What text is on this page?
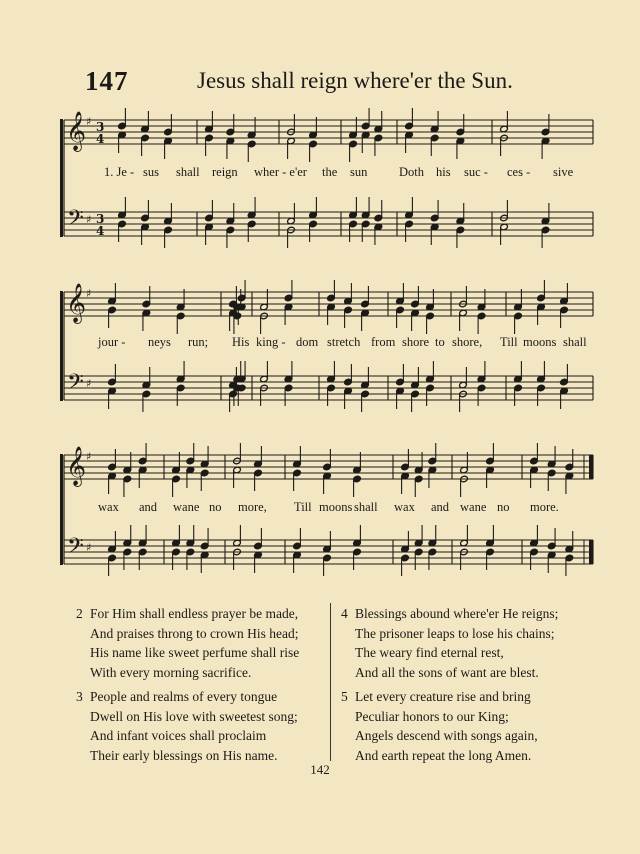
147	Jesus shall reign where'er the Sun.
𝄞
𝄢
♯
♯
3
4
3
4
𝄞
𝄢
♯
♯
𝄞
𝄢
♯
♯
1. Je - sus shall reign wher - e'er the sun	Doth his suc - ces - sive
jour - neys run; His king - dom stretch from shore to shore, Till moons shall
wax and wane no more, Till moons shall wax and wane no more.
2 For Him shall endless prayer be made,
And praises throng to crown His head;
His name like sweet perfume shall rise
With every morning sacrifice.
3 People and realms of every tongue
Dwell on His love with sweetest song;
And infant voices shall proclaim
Their early blessings on His name.
4 Blessings abound where'er He reigns;
The prisoner leaps to lose his chains;
The weary find eternal rest,
And all the sons of want are blest.
5 Let every creature rise and bring
Peculiar honors to our King;
Angels descend with songs again,
And earth repeat the long Amen.
142
